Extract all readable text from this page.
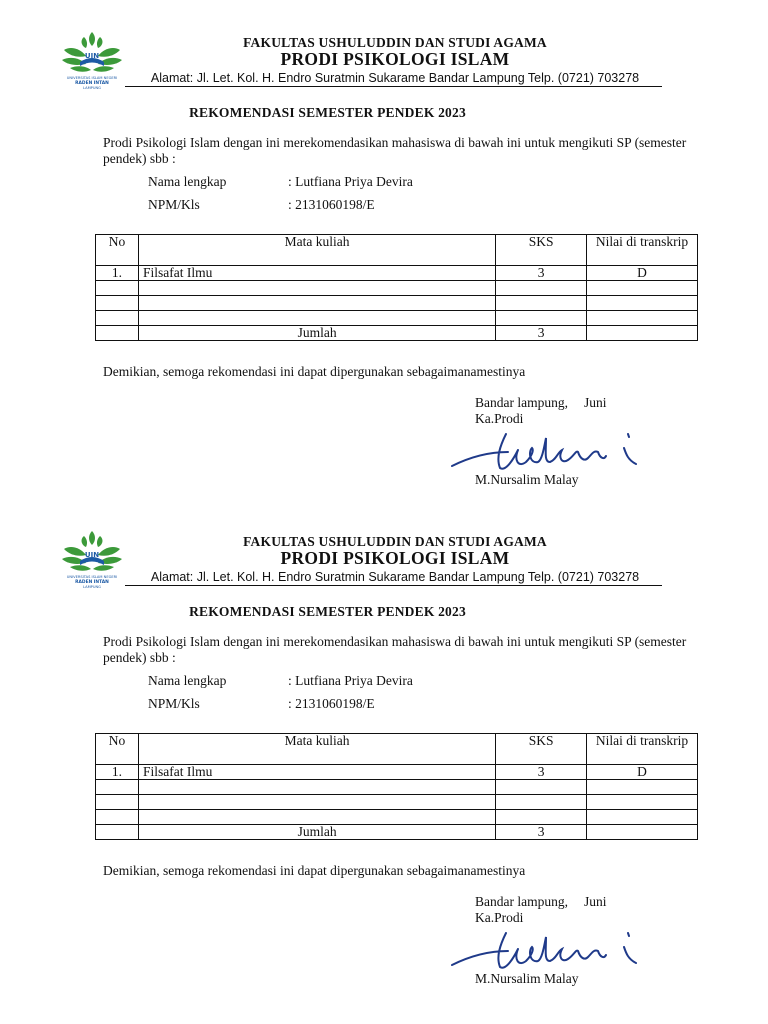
UIN
UNIVERSITAS ISLAM NEGERI
RADEN INTAN
LAMPUNG
FAKULTAS USHULUDDIN DAN STUDI AGAMA
PRODI PSIKOLOGI ISLAM
Alamat: Jl. Let. Kol. H. Endro Suratmin Sukarame Bandar Lampung Telp. (0721) 703278
REKOMENDASI SEMESTER PENDEK 2023
Prodi Psikologi Islam dengan ini merekomendasikan mahasiswa di bawah ini untuk mengikuti SP (semester pendek) sbb :
Nama lengkap	: Lutfiana Priya Devira
NPM/Kls	: 2131060198/E
No	Mata kuliah	SKS	Nilai di transkrip
1.	Filsafat Ilmu	3	D

	Jumlah	3	
Demikian, semoga rekomendasi ini dapat dipergunakan sebagaimanamestinya
Bandar lampung, Juni
Ka.Prodi
M.Nursalim Malay
UIN
UNIVERSITAS ISLAM NEGERI
RADEN INTAN
LAMPUNG
FAKULTAS USHULUDDIN DAN STUDI AGAMA
PRODI PSIKOLOGI ISLAM
Alamat: Jl. Let. Kol. H. Endro Suratmin Sukarame Bandar Lampung Telp. (0721) 703278
REKOMENDASI SEMESTER PENDEK 2023
Prodi Psikologi Islam dengan ini merekomendasikan mahasiswa di bawah ini untuk mengikuti SP (semester pendek) sbb :
Nama lengkap	: Lutfiana Priya Devira
NPM/Kls	: 2131060198/E
No	Mata kuliah	SKS	Nilai di transkrip
1.	Filsafat Ilmu	3	D

	Jumlah	3	
Demikian, semoga rekomendasi ini dapat dipergunakan sebagaimanamestinya
Bandar lampung, Juni
Ka.Prodi
M.Nursalim Malay
